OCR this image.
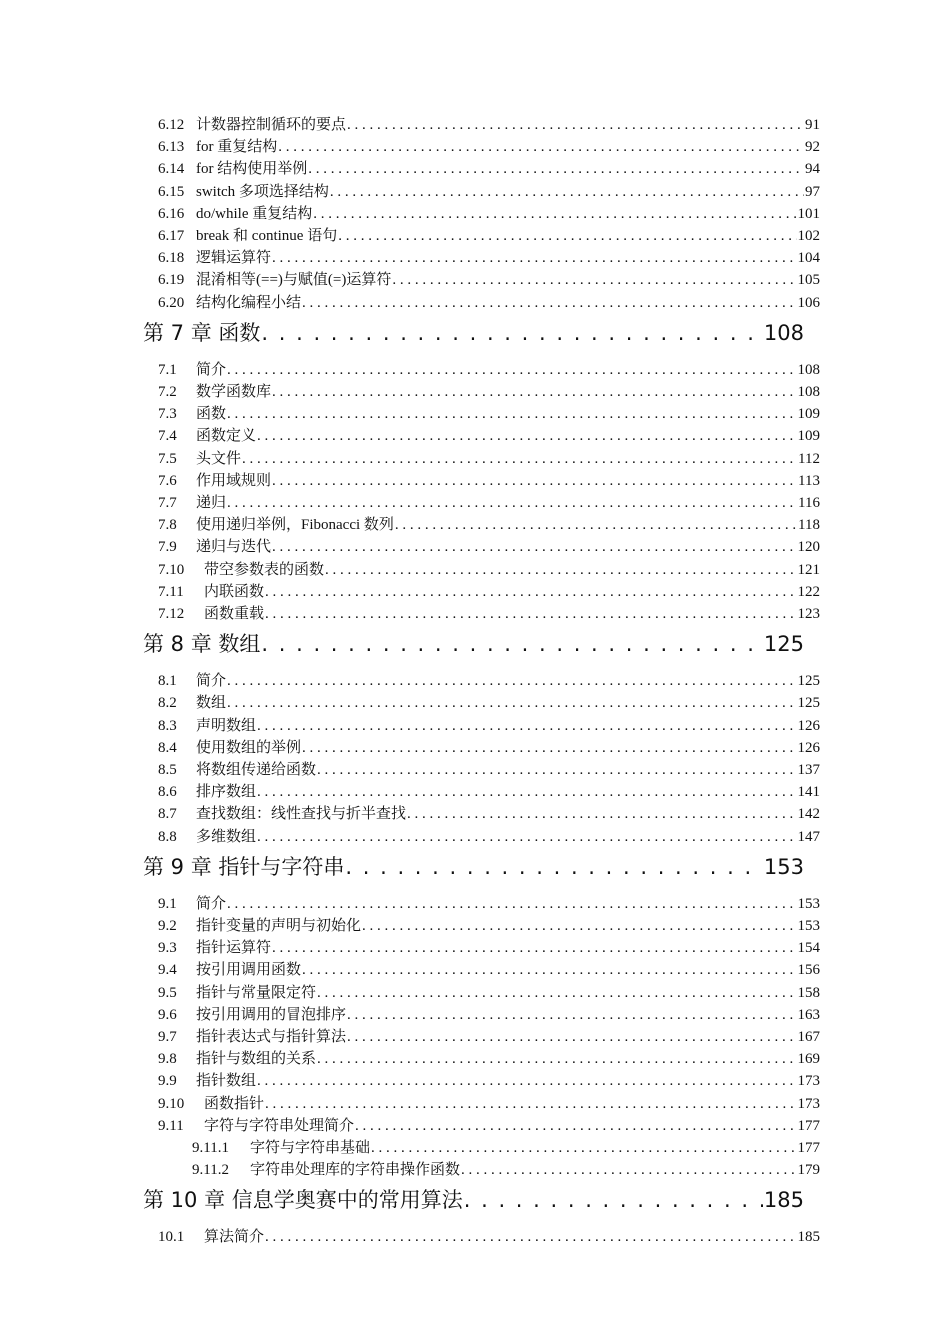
6.12 计数器控制循环的要点 . . .	91
6.13 for 重复结构 . . .	92
6.14 for 结构使用举例 . . .	94
6.15 switch 多项选择结构 . . .	97
6.16 do/while 重复结构 . . .	101
6.17 break 和 continue 语句 . . .	102
6.18 逻辑运算符 . . .	104
6.19 混淆相等(==)与赋值(=)运算符 . . .	105
6.20 结构化编程小结 . . .	106
第 7 章 函数 . . .	108
7.1	简介 . . .	108
7.2	数学函数库 . . .	108
7.3	函数 . . .	109
7.4	函数定义 . . .	109
7.5	头文件 . . .	112
7.6	作用域规则 . . .	113
7.7	递归 . . .	116
7.8	使用递归举例，Fibonacci 数列 . . .	118
7.9	递归与迭代 . . .	120
7.10	带空参数表的函数 . . .	121
7.11	内联函数 . . .	122
7.12	函数重载 . . .	123
第 8 章 数组 . . .	125
8.1	简介 . . .	125
8.2	数组 . . .	125
8.3	声明数组 . . .	126
8.4	使用数组的举例 . . .	126
8.5	将数组传递给函数 . . .	137
8.6	排序数组 . . .	141
8.7	查找数组：线性查找与折半查找 . . .	142
8.8	多维数组 . . .	147
第 9 章 指针与字符串 . . .	153
9.1	简介 . . .	153
9.2	指针变量的声明与初始化 . . .	153
9.3	指针运算符 . . .	154
9.4	按引用调用函数 . . .	156
9.5	指针与常量限定符 . . .	158
9.6	按引用调用的冒泡排序 . . .	163
9.7	指针表达式与指针算法 . . .	167
9.8	指针与数组的关系 . . .	169
9.9	指针数组 . . .	173
9.10	函数指针 . . .	173
9.11	字符与字符串处理简介 . . .	177
9.11.1	字符与字符串基础 . . .	177
9.11.2	字符串处理库的字符串操作函数 . . .	179
第 10 章 信息学奥赛中的常用算法 . . .	185
10.1	算法简介 . . .	185
